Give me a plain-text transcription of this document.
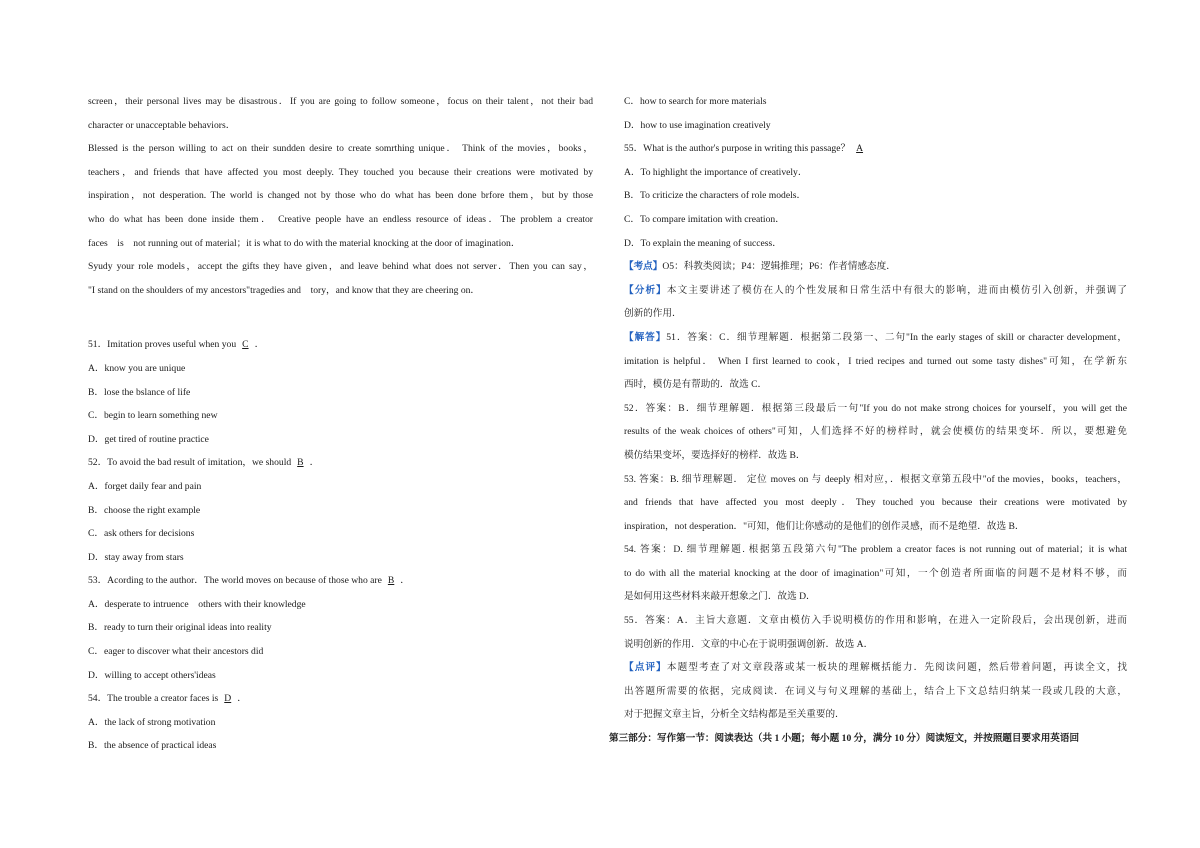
screen，their personal lives may be disastrous．If you are going to follow someone，focus on their talent，not their bad
character or unacceptable behaviors．
Blessed is the person willing to act on their sundden desire to create somrthing unique． Think of the movies，books，
teachers，and friends that have affected you most deeply. They touched you because their creations were motivated by
inspiration，not desperation. The world is changed not by those who do what has been done brfore them，but by those
who do what has been done inside them． Creative people have an endless resource of ideas．The problem a creator
faces    is    not running out of material；it is what to do with the material knocking at the door of imagination．
Syudy your role models，accept the gifts they have given，and leave behind what does not server．Then you can say，
"I stand on the shoulders of my ancestors"tragedies and    tory，and know that they are cheering on．
51．Imitation proves useful when you C ．
A．know you are unique
B．lose the bslance of life
C．begin to learn something new
D．get tired of routine practice
52．To avoid the bad result of imitation，we should B ．
A．forget daily fear and pain
B．choose the right example
C．ask others for decisions
D．stay away from stars
53．Acording to the author．The world moves on because of those who are B ．
A．desperate to intruence    others with their knowledge
B．ready to turn their original ideas into reality
C．eager to discover what their ancestors did
D．willing to accept others'ideas
54．The trouble a creator faces is D ．
A．the lack of strong motivation
B．the absence of practical ideas
C．how to search for more materials
D．how to use imagination creatively
55．What is the author's purpose in writing this passage？ A
A．To highlight the importance of creatively．
B．To criticize the characters of role models．
C．To compare imitation with creation．
D．To explain the meaning of success．
【考点】O5：科教类阅读；P4：逻辑推理；P6：作者情感态度．
【分析】本文主要讲述了模仿在人的个性发展和日常生活中有很大的影响，进而由模仿引入创新，并强调了
创新的作用．
【解答】51．答案：C．细节理解题．根据第二段第一、二句"In the early stages of skill or character development，
imitation is helpful． When I first learned to cook，I tried recipes and turned out some tasty dishes"可知，在学新东
西时，模仿是有帮助的．故选 C．
52．答案：B．细节理解题．根据第三段最后一句"If you do not make strong choices for yourself，you will get the
results of the weak choices of others"可知，人们选择不好的榜样时，就会使模仿的结果变坏．所以，要想避免
模仿结果变坏，要选择好的榜样．故选 B．
53. 答案：B. 细节理解题． 定位 moves on 与 deeply 相对应，．根据文章第五段中"of the movies，books，teachers，
and friends that have affected you most deeply．They touched you because their creations were motivated by
inspiration，not desperation．"可知，他们让你感动的是他们的创作灵感，而不是绝望．故选 B．
54. 答案：D. 细节理解题. 根据第五段第六句"The problem a creator faces is not running out of material；it is what
to do with all the material knocking at the door of imagination"可知，一个创造者所面临的问题不是材料不够，而
是如何用这些材料来敲开想象之门．故选 D．
55．答案：A．主旨大意题．文章由模仿入手说明模仿的作用和影响，在进入一定阶段后，会出现创新，进而
说明创新的作用．文章的中心在于说明强调创新．故选 A．
【点评】本题型考查了对文章段落或某一板块的理解概括能力．先阅读问题，然后带着问题，再读全文，找
出答题所需要的依据，完成阅读．在词义与句义理解的基础上，结合上下文总结归纳某一段或几段的大意，
对于把握文章主旨，分析全文结构都是至关重要的．
第三部分：写作第一节：阅读表达（共 1 小题；每小题 10 分，满分 10 分）阅读短文，并按照题目要求用英语回
